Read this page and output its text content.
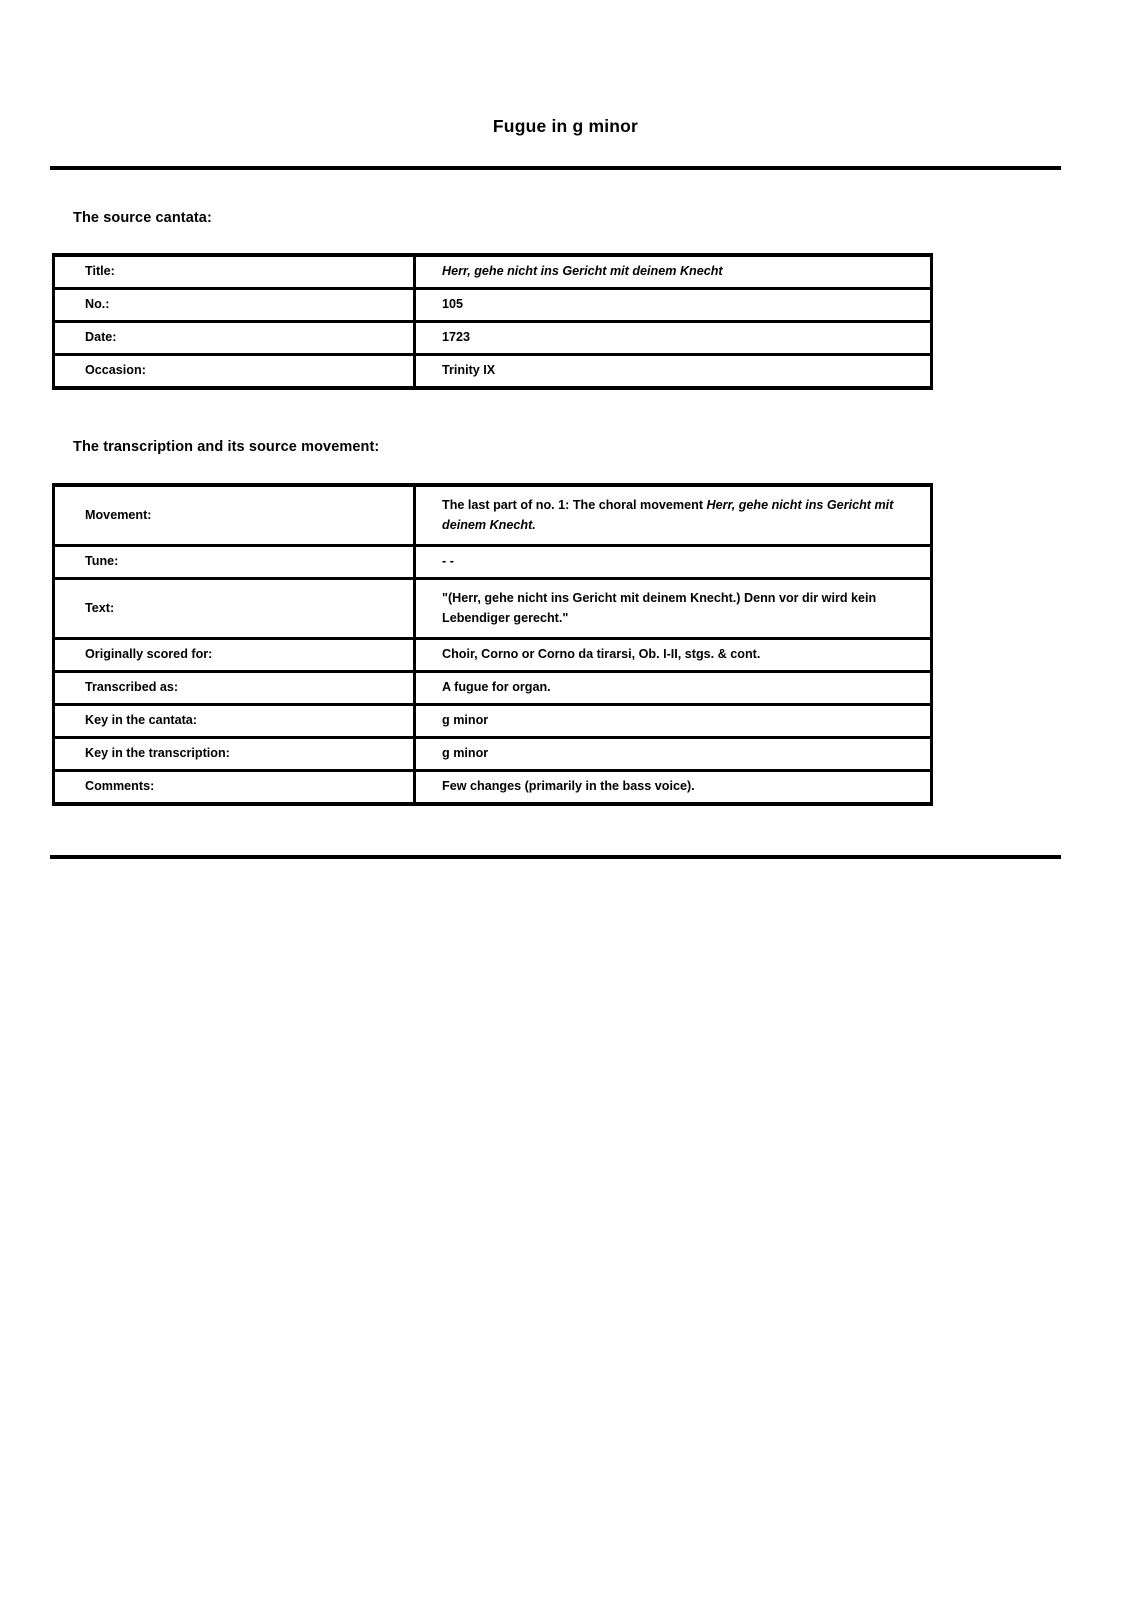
Fugue in g minor
The source cantata:
Title:	Herr, gehe nicht ins Gericht mit deinem Knecht

No.:	105

Date:	1723

Occasion:	Trinity IX
The transcription and its source movement:
Movement:	The last part of no. 1: The choral movement Herr, gehe nicht ins Gericht mit deinem Knecht.

Tune:	- -

Text:	"(Herr, gehe nicht ins Gericht mit deinem Knecht.) Denn vor dir wird kein Lebendiger gerecht."

Originally scored for:	Choir, Corno or Corno da tirarsi, Ob. I-II, stgs. & cont.

Transcribed as:	A fugue for organ.

Key in the cantata:	g minor

Key in the transcription:	g minor

Comments:	Few changes (primarily in the bass voice).
